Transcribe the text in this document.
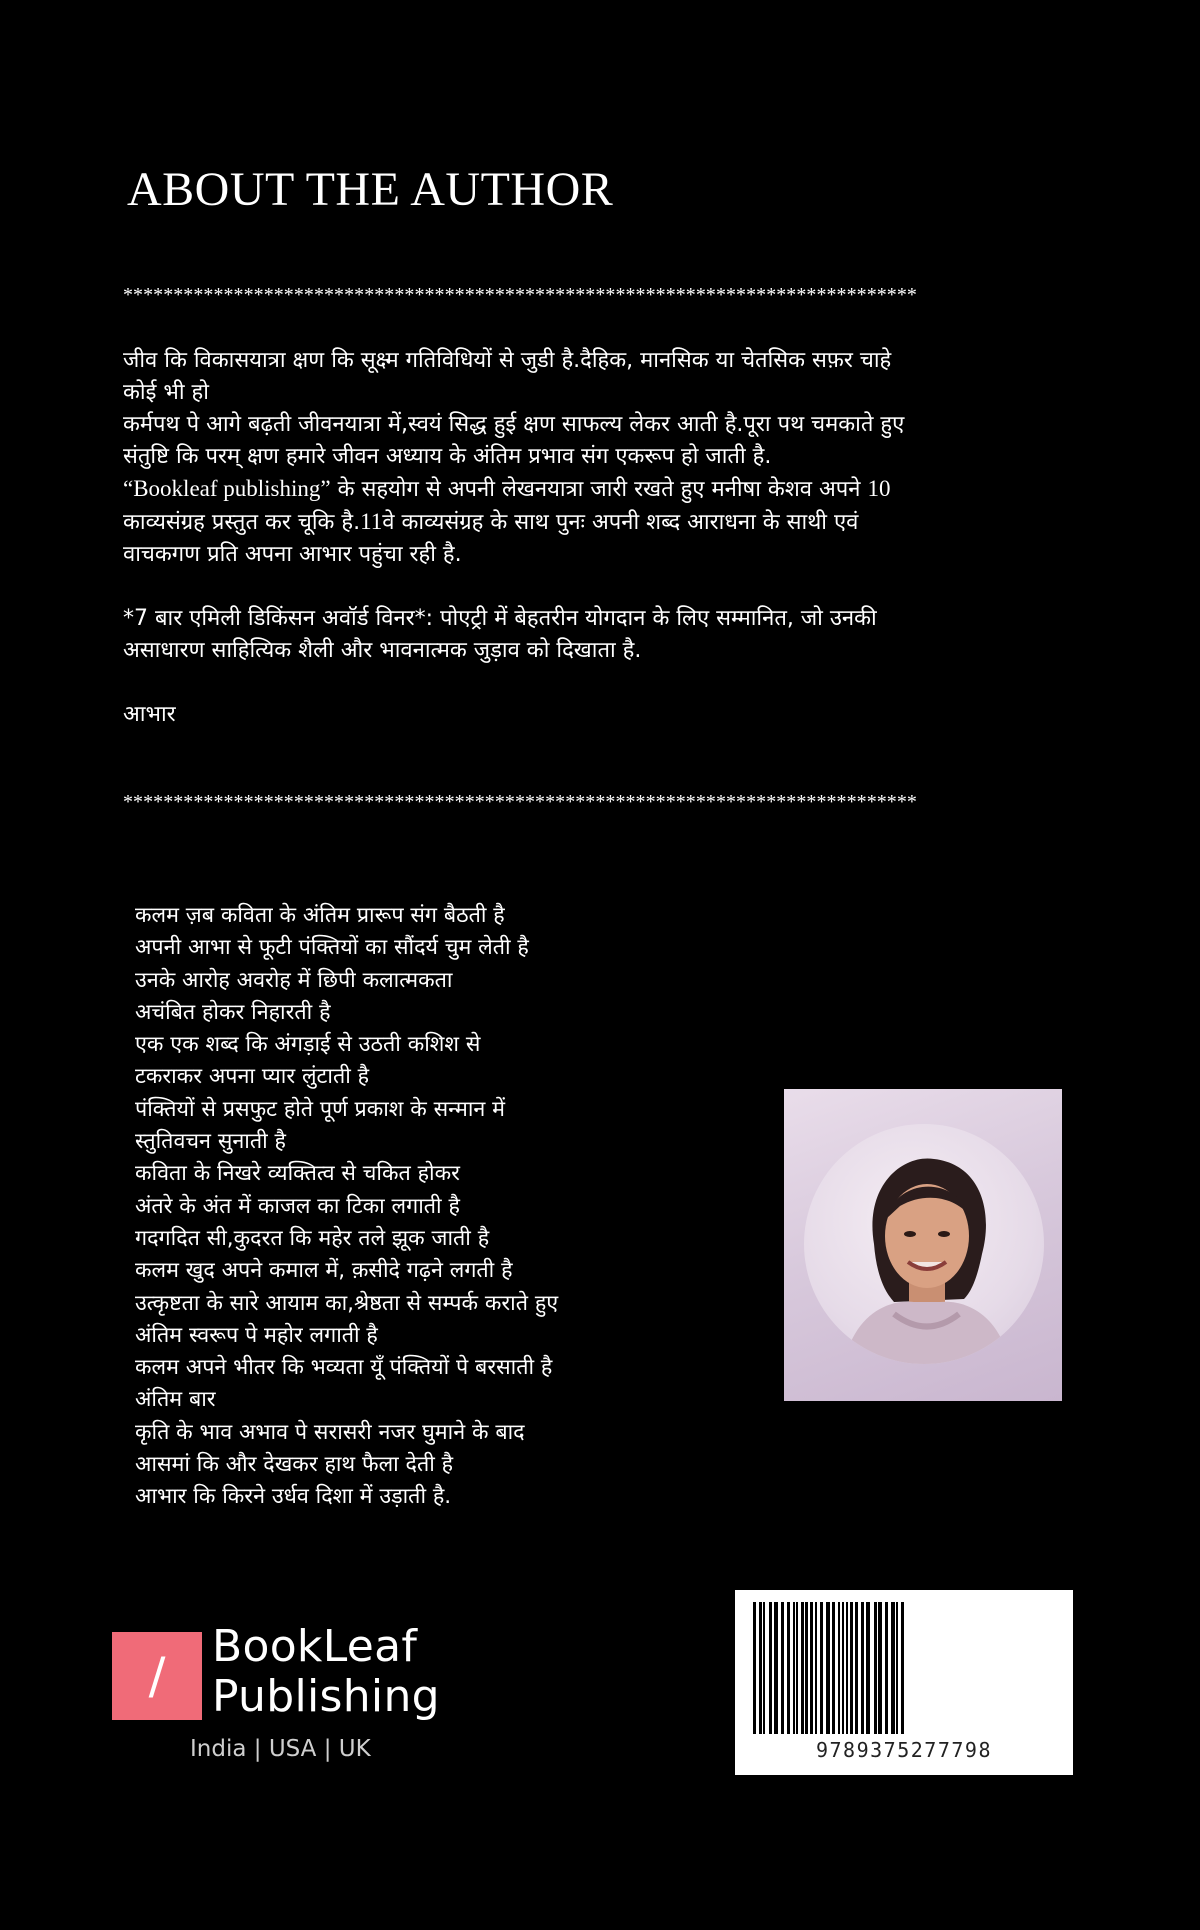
ABOUT THE AUTHOR
*******************************************************************************
जीव कि विकासयात्रा क्षण कि सूक्ष्म गतिविधियों से जुडी है.दैहिक, मानसिक या चेतसिक सफ़र चाहे
कोई भी हो
कर्मपथ पे आगे बढ़ती जीवनयात्रा में,स्वयं सिद्ध हुई क्षण साफल्य लेकर आती है.पूरा पथ चमकाते हुए
संतुष्टि कि परम् क्षण हमारे जीवन अध्याय के अंतिम प्रभाव संग एकरूप हो जाती है.
“Bookleaf publishing” के सहयोग से अपनी लेखनयात्रा जारी रखते हुए मनीषा केशव अपने 10
काव्यसंग्रह प्रस्तुत कर चूकि है.11वे काव्यसंग्रह के साथ पुनः अपनी शब्द आराधना के साथी एवं
वाचकगण प्रति अपना आभार पहुंचा रही है.
*7 बार एमिली डिकिंसन अवॉर्ड विनर*: पोएट्री में बेहतरीन योगदान के लिए सम्मानित, जो उनकी
असाधारण साहित्यिक शैली और भावनात्मक जुड़ाव को दिखाता है.
आभार
*******************************************************************************
कलम ज़ब कविता के अंतिम प्रारूप संग बैठती है
अपनी आभा से फूटी पंक्तियों का सौंदर्य चुम लेती है
उनके आरोह अवरोह में छिपी कलात्मकता
अचंबित होकर निहारती है
एक एक शब्द कि अंगड़ाई से उठती कशिश से
टकराकर अपना प्यार लुंटाती है
पंक्तियों से प्रसफुट होते पूर्ण प्रकाश के सन्मान में
स्तुतिवचन सुनाती है
कविता के निखरे व्यक्तित्व से चकित होकर
अंतरे के अंत में काजल का टिका लगाती है
गदगदित सी,कुदरत कि महेर तले झूक जाती है
कलम खुद अपने कमाल में, क़सीदे गढ़ने लगती है
उत्कृष्टता के सारे आयाम का,श्रेष्ठता से सम्पर्क कराते हुए
अंतिम स्वरूप पे महोर लगाती है
कलम अपने भीतर कि भव्यता यूँ पंक्तियों पे बरसाती है
अंतिम बार
कृति के भाव अभाव पे सरासरी नजर घुमाने के बाद
आसमां कि और देखकर हाथ फैला देती है
आभार कि किरने उर्धव दिशा में उड़ाती है.
/
BookLeaf
Publishing
India | USA | UK	9789375277798
